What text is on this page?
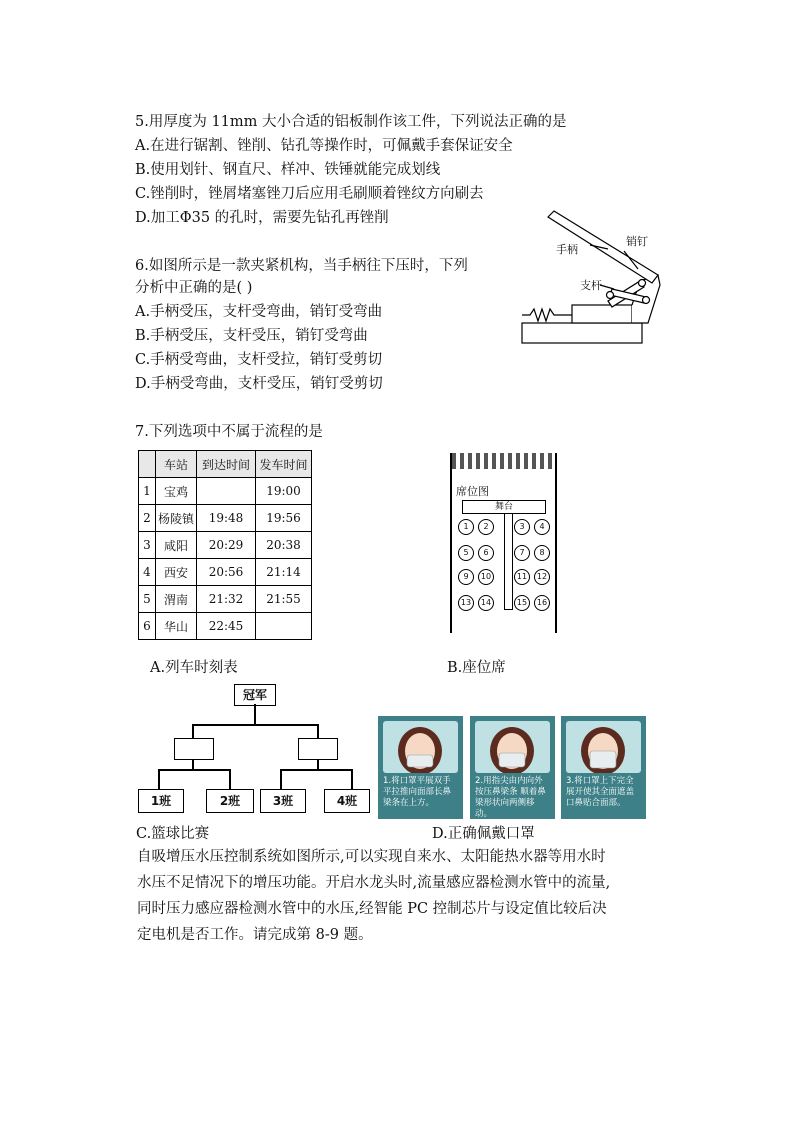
5.用厚度为 11mm 大小合适的铝板制作该工件，下列说法正确的是
A.在进行锯割、锉削、钻孔等操作时，可佩戴手套保证安全
B.使用划针、钢直尺、样冲、铁锤就能完成划线
C.锉削时，锉屑堵塞锉刀后应用毛刷顺着锉纹方向刷去
D.加工Φ35 的孔时，需要先钻孔再锉削
6.如图所示是一款夹紧机构，当手柄往下压时，下列
分析中正确的是( )
A.手柄受压，支杆受弯曲，销钉受弯曲
B.手柄受压，支杆受压，销钉受弯曲
C.手柄受弯曲，支杆受拉，销钉受剪切
D.手柄受弯曲，支杆受压，销钉受剪切
手柄
销钉
支杆
7.下列选项中不属于流程的是
	车站	到达时间	发车时间
1	宝鸡		19:00
2	杨陵镇	19:48	19:56
3	咸阳	20:29	20:38
4	西安	20:56	21:14
5	渭南	21:32	21:55
6	华山	22:45	
A.列车时刻表
席位图
舞台
1	2	3	4
5	6	7	8
9	10	11	12
13	14	15	16
B.座位席
冠军
1班	2班	3班	4班
C.篮球比赛
1.将口罩平展双手平拉推向面部长鼻梁条在上方。
2.用指尖由内向外按压鼻梁条 顺着鼻梁形状向两侧移动。
3.将口罩上下完全展开使其全面遮盖口鼻贴合面部。
D.正确佩戴口罩
自吸增压水压控制系统如图所示,可以实现自来水、太阳能热水器等用水时
水压不足情况下的增压功能。开启水龙头时,流量感应器检测水管中的流量,
同时压力感应器检测水管中的水压,经智能 PC 控制芯片与设定值比较后决
定电机是否工作。请完成第 8-9 题。
